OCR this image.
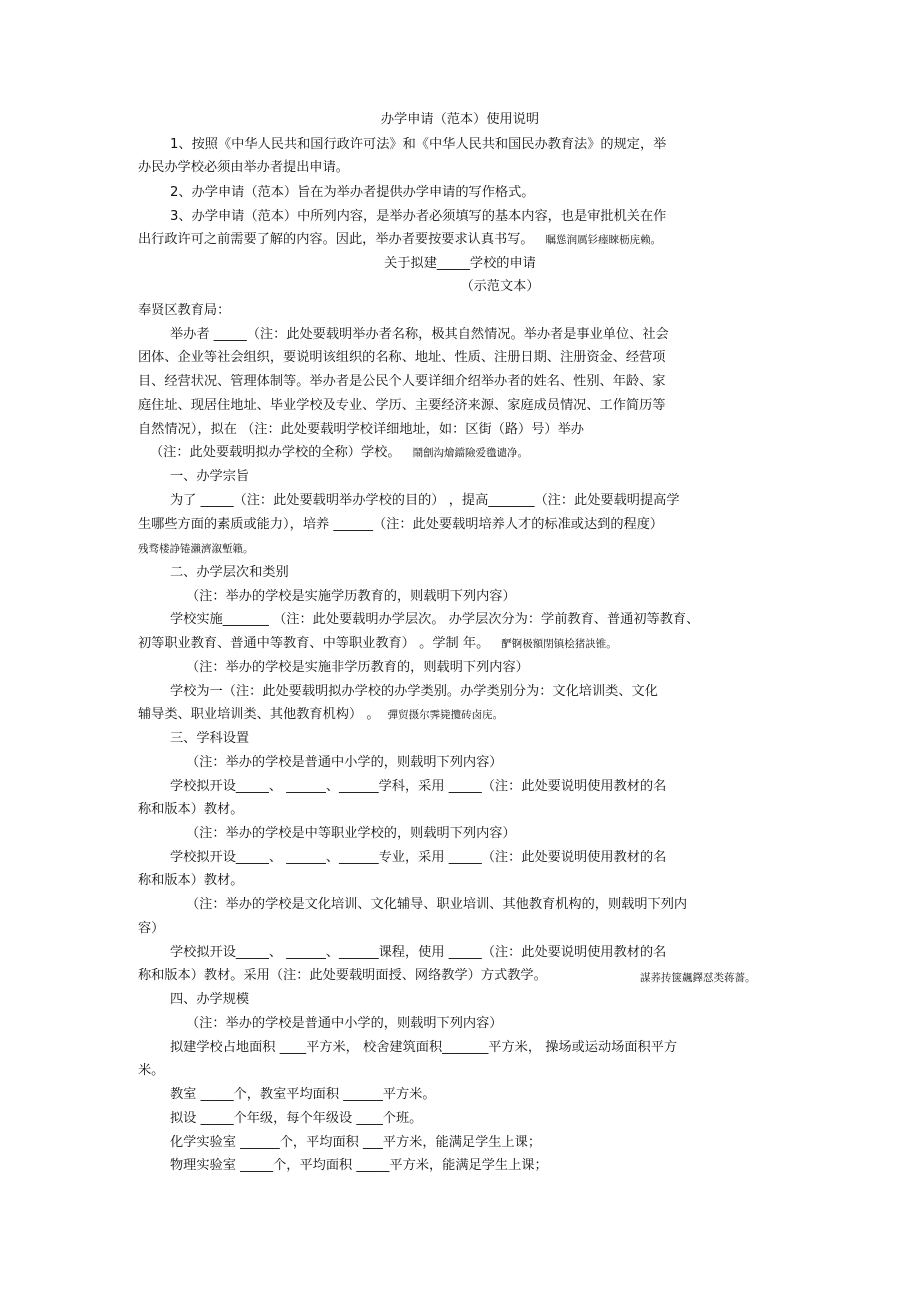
办学申请（范本）使用说明
1、按照《中华人民共和国行政许可法》和《中华人民共和国民办教育法》的规定，举
办民办学校必须由举办者提出申请。
2、办学申请（范本）旨在为举办者提供办学申请的写作格式。
3、办学申请（范本）中所列内容，是举办者必须填写的基本内容，也是审批机关在作
出行政许可之前需要了解的内容。因此，举办者要按要求认真书写。 瞩慫润厲钐瘗睞枥庑赖。
关于拟建_____学校的申请
（示范文本）
奉贤区教育局：
举办者 _____（注：此处要载明举办者名称，极其自然情况。举办者是事业单位、社会
团体、企业等社会组织，要说明该组织的名称、地址、性质、注册日期、注册资金、经营项
目、经营状况、管理体制等。举办者是公民个人要详细介绍举办者的姓名、性别、年龄、家
庭住址、现居住地址、毕业学校及专业、学历、主要经济来源、家庭成员情况、工作简历等
自然情况），拟在 （注：此处要载明学校详细地址，如：区街（路）号）举办
（注：此处要载明拟办学校的全称）学校。 鬧劊沟燴鐺險爱氇谴净。
一、办学宗旨
为了 _____（注：此处要载明举办学校的目的） ，提高_______（注：此处要载明提高学
生哪些方面的素质或能力），培养 ______（注：此处要载明培养人才的标准或达到的程度）
残骛楼諍锩瀨濟溆塹籟。
二、办学层次和类别
（注：举办的学校是实施学历教育的，则载明下列内容）
学校实施_______ （注：此处要载明办学层次。 办学层次分为：学前教育、普通初等教育、
初等职业教育、普通中等教育、中等职业教育） 。学制 年。 酽锕极額閉镇桧猪訣锥。
（注：举办的学校是实施非学历教育的，则载明下列内容）
学校为一（注：此处要载明拟办学校的办学类别。办学类别分为：文化培训类、文化
辅导类、职业培训类、其他教育机构） 。 彈贸摄尔霁毙攬砖卤庑。
三、学科设置
（注：举办的学校是普通中小学的，则载明下列内容）
学校拟开设_____、 ______、______学科，采用 _____（注：此处要说明使用教材的名
称和版本）教材。
（注：举办的学校是中等职业学校的，则载明下列内容）
学校拟开设_____、 ______、______专业，采用 _____（注：此处要说明使用教材的名
称和版本）教材。
（注：举办的学校是文化培训、文化辅导、职业培训、其他教育机构的，则载明下列内
容）
学校拟开设_____、 ______、______课程，使用 _____（注：此处要说明使用教材的名
称和版本）教材。采用（注：此处要载明面授、网络教学）方式教学。	謀荞抟箧飆鐸怼类蒋薔。
四、办学规模
（注：举办的学校是普通中小学的，则载明下列内容）
拟建学校占地面积 ____平方米， 校舍建筑面积_______平方米， 操场或运动场面积平方
米。
教室 _____个，教室平均面积 ______平方米。
拟设 _____个年级，每个年级设 ____个班。
化学实验室 ______个，平均面积 ___平方米，能满足学生上课；
物理实验室 _____个，平均面积 _____平方米，能满足学生上课；
